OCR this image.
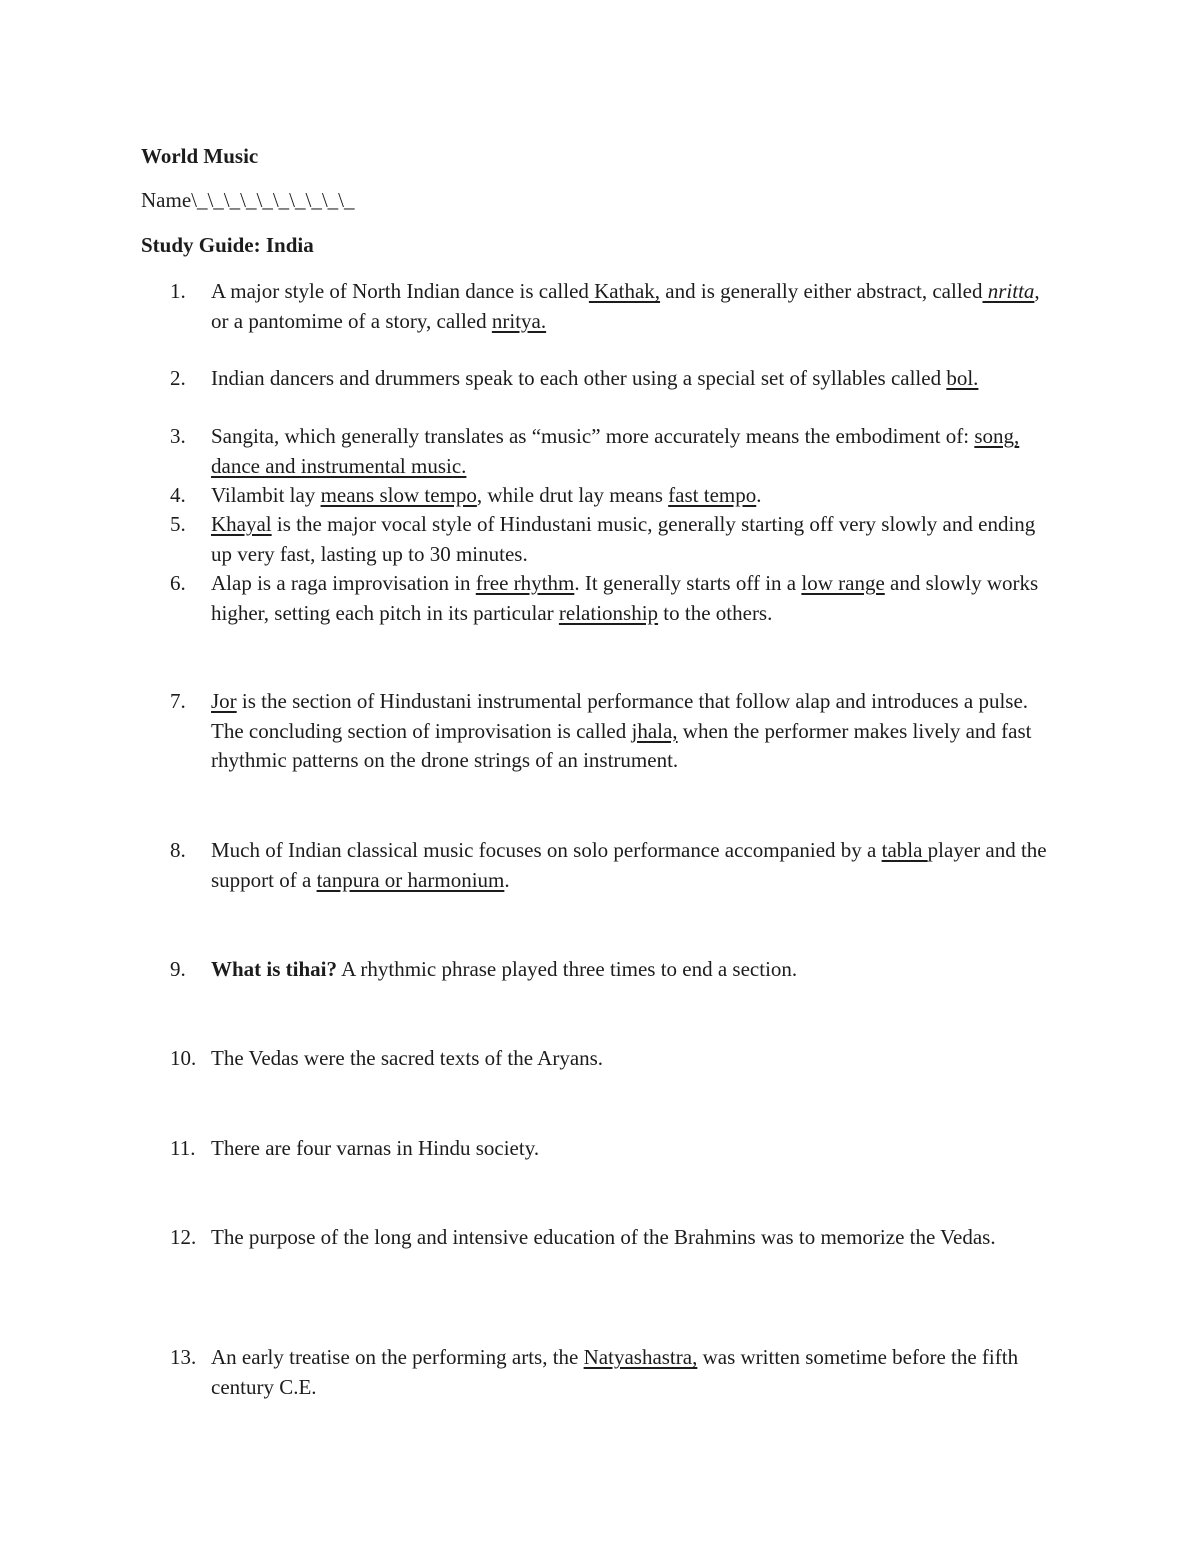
World Music
Name\_\_\_\_\_\_\_\_\_\_
Study Guide: India
1.	A major style of North Indian dance is called Kathak, and is generally either abstract, called nritta, or a pantomime of a story, called nritya.
2.	Indian dancers and drummers speak to each other using a special set of syllables called bol.
3.	Sangita, which generally translates as “music” more accurately means the embodiment of: song, dance and instrumental music.
4.	Vilambit lay means slow tempo, while drut lay means fast tempo.
5.	Khayal is the major vocal style of Hindustani music, generally starting off very slowly and ending up very fast, lasting up to 30 minutes.
6.	Alap is a raga improvisation in free rhythm. It generally starts off in a low range and slowly works higher, setting each pitch in its particular relationship to the others.
7.	Jor is the section of Hindustani instrumental performance that follow alap and introduces a pulse. The concluding section of improvisation is called jhala, when the performer makes lively and fast rhythmic patterns on the drone strings of an instrument.
8.	Much of Indian classical music focuses on solo performance accompanied by a tabla player and the support of a tanpura or harmonium.
9.	What is tihai? A rhythmic phrase played three times to end a section.
10. The Vedas were the sacred texts of the Aryans.
11. There are four varnas in Hindu society.
12. The purpose of the long and intensive education of the Brahmins was to memorize the Vedas.
13. An early treatise on the performing arts, the Natyashastra, was written sometime before the fifth century C.E.
